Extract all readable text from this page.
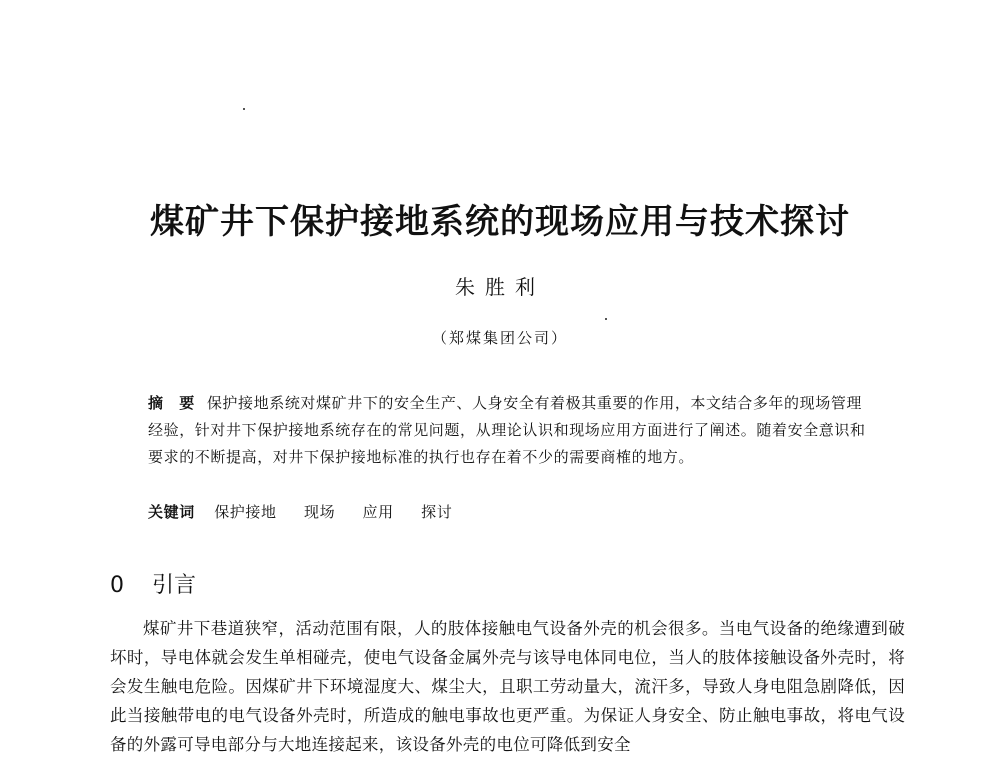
煤矿井下保护接地系统的现场应用与技术探讨
朱胜利
（郑煤集团公司）
摘　要 保护接地系统对煤矿井下的安全生产、人身安全有着极其重要的作用，本文结合多年的现场管理经验，针对井下保护接地系统存在的常见问题，从理论认识和现场应用方面进行了阐述。随着安全意识和要求的不断提高，对井下保护接地标准的执行也存在着不少的需要商榷的地方。
关键词 保护接地 现场 应用 探讨
0 引言
煤矿井下巷道狭窄，活动范围有限，人的肢体接触电气设备外壳的机会很多。当电气设备的绝缘遭到破坏时，导电体就会发生单相碰壳，使电气设备金属外壳与该导电体同电位，当人的肢体接触设备外壳时，将会发生触电危险。因煤矿井下环境湿度大、煤尘大，且职工劳动量大，流汗多，导致人身电阻急剧降低，因此当接触带电的电气设备外壳时，所造成的触电事故也更严重。为保证人身安全、防止触电事故，将电气设备的外露可导电部分与大地连接起来，该设备外壳的电位可降低到安全
